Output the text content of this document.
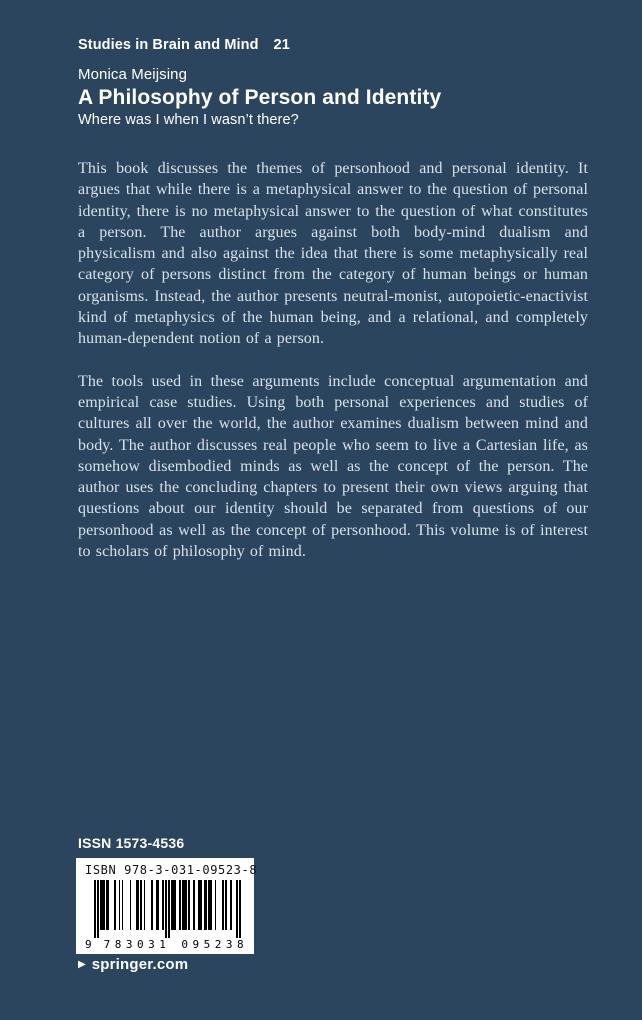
Studies in Brain and Mind 21
Monica Meijsing
A Philosophy of Person and Identity
Where was I when I wasn’t there?

This book discusses the themes of personhood and personal identity. It argues that while there is a metaphysical answer to the question of personal identity, there is no metaphysical answer to the question of what constitutes a person. The author argues against both body-mind dualism and physicalism and also against the idea that there is some metaphysically real category of persons distinct from the category of human beings or human organisms. Instead, the author presents neutral-monist, autopoietic-enactivist kind of metaphysics of the human being, and a relational, and completely human-dependent notion of a person.

The tools used in these arguments include conceptual argumentation and empirical case studies. Using both personal experiences and studies of cultures all over the world, the author examines dualism between mind and body. The author discusses real people who seem to live a Cartesian life, as somehow disembodied minds as well as the concept of the person. The author uses the concluding chapters to present their own views arguing that questions about our identity should be separated from questions of our personhood as well as the concept of personhood. This volume is of interest to scholars of philosophy of mind.

ISSN 1573-4536
ISBN 978-3-031-09523-8
9	783031	095238
▶ springer.com
